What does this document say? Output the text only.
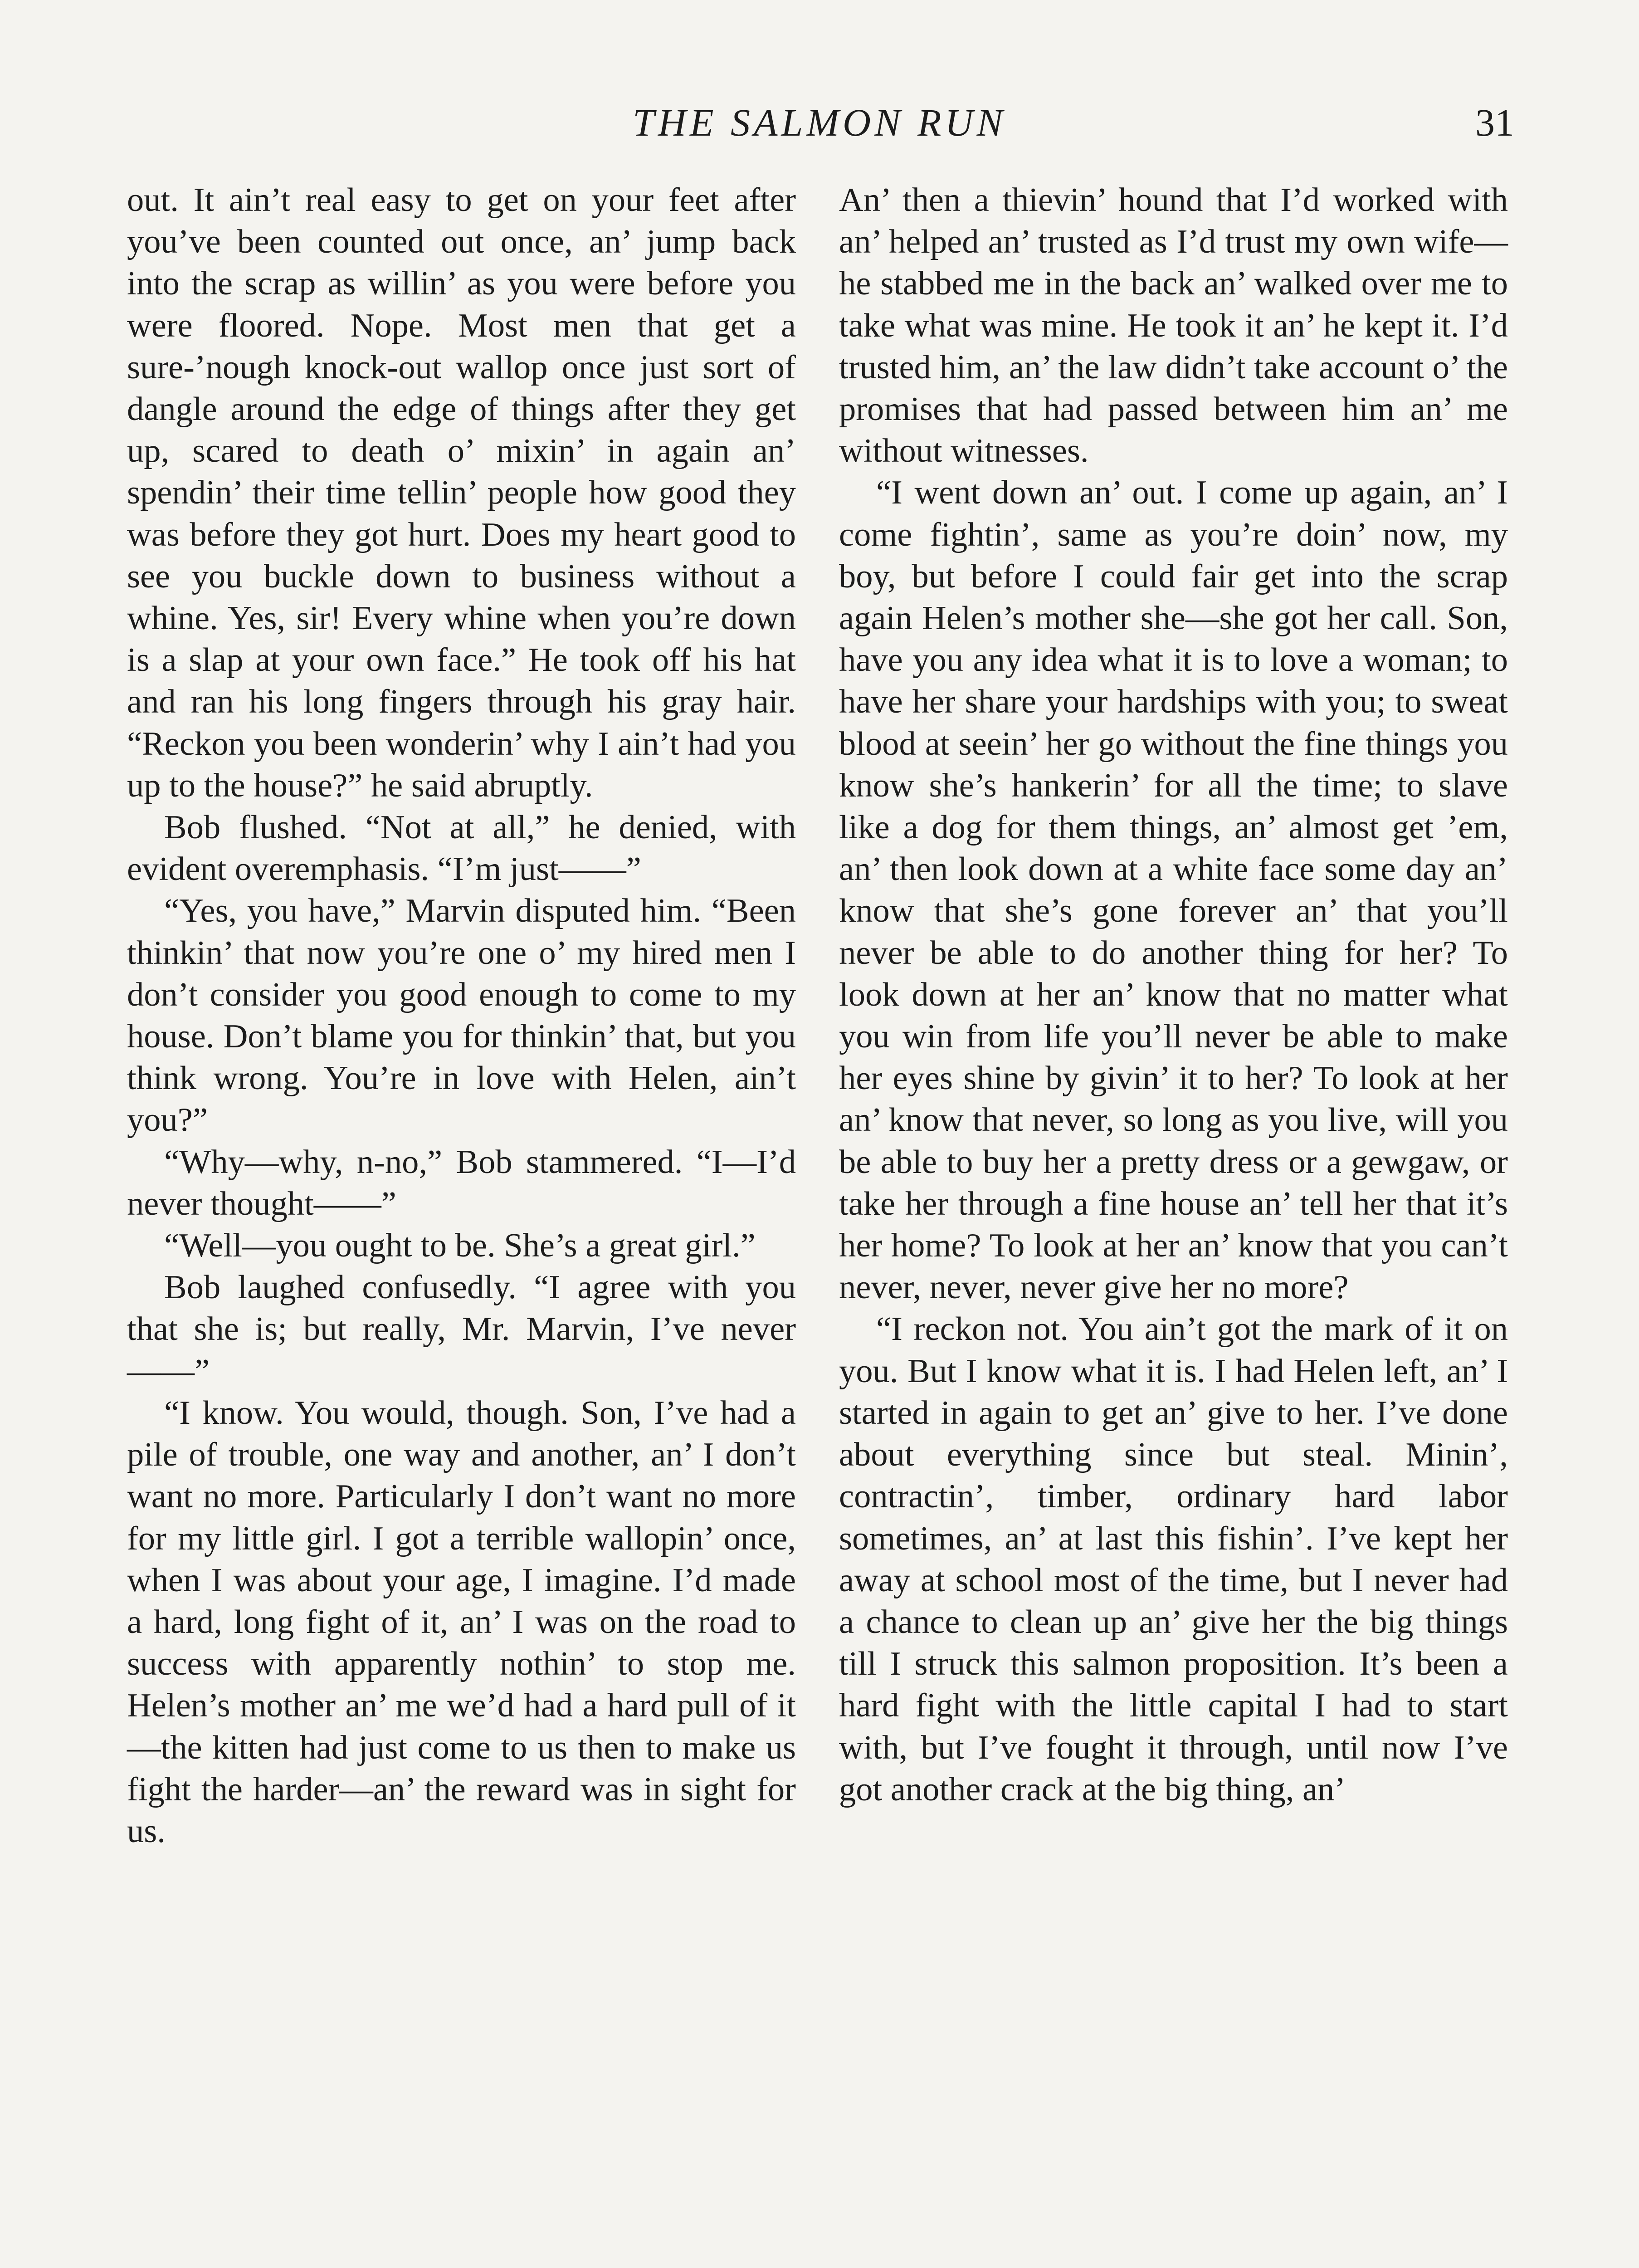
THE SALMON RUN	31

out. It ain’t real easy to get on your feet after you’ve been counted out once, an’ jump back into the scrap as willin’ as you were before you were floored. Nope. Most men that get a sure-’nough knock-out wallop once just sort of dangle around the edge of things after they get up, scared to death o’ mixin’ in again an’ spendin’ their time tellin’ people how good they was before they got hurt. Does my heart good to see you buckle down to business without a whine. Yes, sir! Every whine when you’re down is a slap at your own face.” He took off his hat and ran his long fingers through his gray hair. “Reckon you been wonderin’ why I ain’t had you up to the house?” he said abruptly.

Bob flushed. “Not at all,” he denied, with evident overemphasis. “I’m just——”

“Yes, you have,” Marvin disputed him. “Been thinkin’ that now you’re one o’ my hired men I don’t consider you good enough to come to my house. Don’t blame you for thinkin’ that, but you think wrong. You’re in love with Helen, ain’t you?”

“Why—why, n-no,” Bob stammered. “I—I’d never thought——”

“Well—you ought to be. She’s a great girl.”

Bob laughed confusedly. “I agree with you that she is; but really, Mr. Marvin, I’ve never——”

“I know. You would, though. Son, I’ve had a pile of trouble, one way and another, an’ I don’t want no more. Particularly I don’t want no more for my little girl. I got a terrible wallopin’ once, when I was about your age, I imagine. I’d made a hard, long fight of it, an’ I was on the road to success with apparently nothin’ to stop me. Helen’s mother an’ me we’d had a hard pull of it—the kitten had just come to us then to make us fight the harder—an’ the reward was in sight for us.

An’ then a thievin’ hound that I’d worked with an’ helped an’ trusted as I’d trust my own wife—he stabbed me in the back an’ walked over me to take what was mine. He took it an’ he kept it. I’d trusted him, an’ the law didn’t take account o’ the promises that had passed between him an’ me without witnesses.

“I went down an’ out. I come up again, an’ I come fightin’, same as you’re doin’ now, my boy, but before I could fair get into the scrap again Helen’s mother she—she got her call. Son, have you any idea what it is to love a woman; to have her share your hardships with you; to sweat blood at seein’ her go without the fine things you know she’s hankerin’ for all the time; to slave like a dog for them things, an’ almost get ’em, an’ then look down at a white face some day an’ know that she’s gone forever an’ that you’ll never be able to do another thing for her? To look down at her an’ know that no matter what you win from life you’ll never be able to make her eyes shine by givin’ it to her? To look at her an’ know that never, so long as you live, will you be able to buy her a pretty dress or a gewgaw, or take her through a fine house an’ tell her that it’s her home? To look at her an’ know that you can’t never, never, never give her no more?

“I reckon not. You ain’t got the mark of it on you. But I know what it is. I had Helen left, an’ I started in again to get an’ give to her. I’ve done about everything since but steal. Minin’, contractin’, timber, ordinary hard labor sometimes, an’ at last this fishin’. I’ve kept her away at school most of the time, but I never had a chance to clean up an’ give her the big things till I struck this salmon proposition. It’s been a hard fight with the little capital I had to start with, but I’ve fought it through, until now I’ve got another crack at the big thing, an’
